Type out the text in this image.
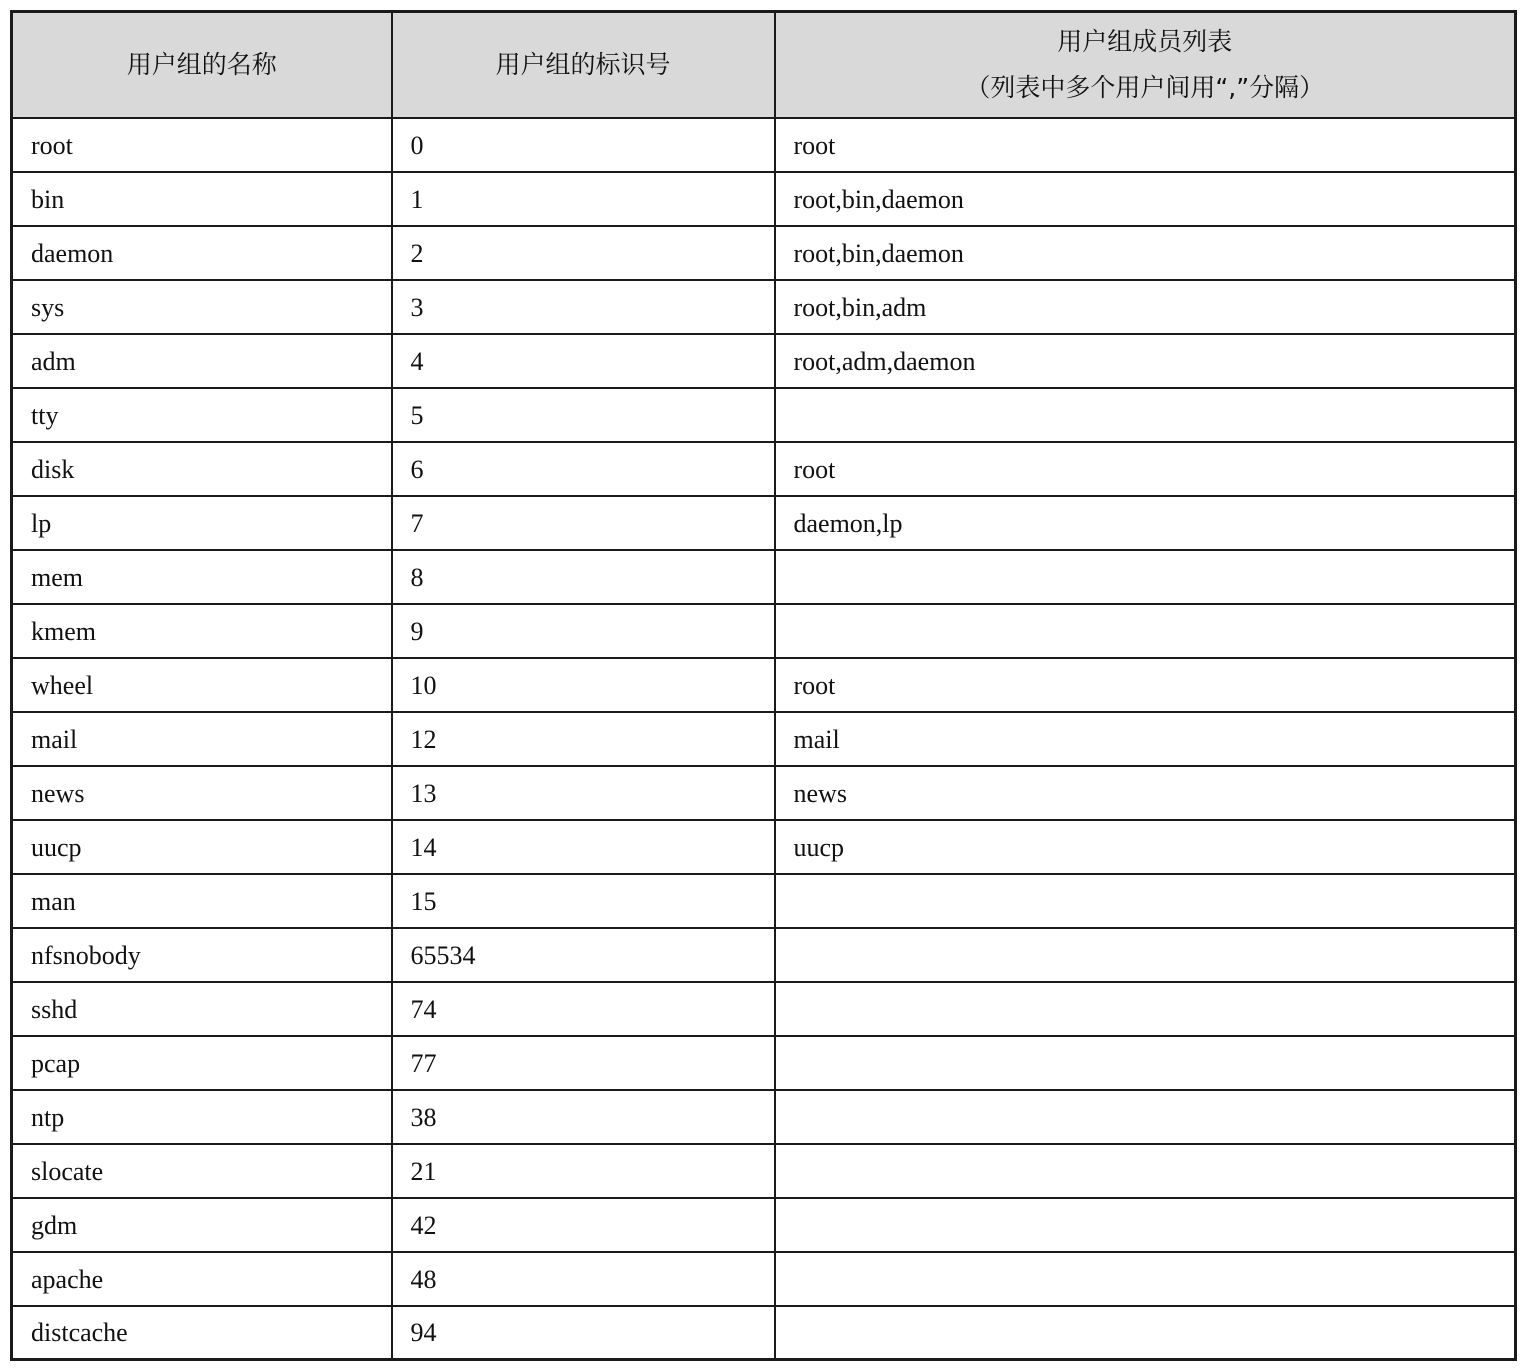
用户组的名称	用户组的标识号	用户组成员列表
（列表中多个用户间用“,”分隔）

root	0	root
bin	1	root,bin,daemon
daemon	2	root,bin,daemon
sys	3	root,bin,adm
adm	4	root,adm,daemon
tty	5	
disk	6	root
lp	7	daemon,lp
mem	8	
kmem	9	
wheel	10	root
mail	12	mail
news	13	news
uucp	14	uucp
man	15	
nfsnobody	65534	
sshd	74	
pcap	77	
ntp	38	
slocate	21	
gdm	42	
apache	48	
distcache	94	
